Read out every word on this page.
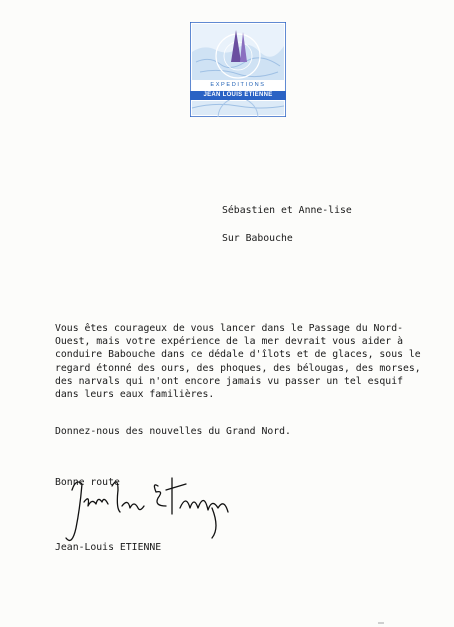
EXPEDITIONS
JEAN LOUIS ETIENNE
Sébastien et Anne-lise
Sur Babouche
Vous êtes courageux de vous lancer dans le Passage du Nord-
Ouest, mais votre expérience de la mer devrait vous aider à
conduire Babouche dans ce dédale d'îlots et de glaces, sous le
regard étonné des ours, des phoques, des bélougas, des morses,
des narvals qui n'ont encore jamais vu passer un tel esquif
dans leurs eaux familières.
Donnez-nous des nouvelles du Grand Nord.
Bonne route
Jean-Louis ETIENNE
